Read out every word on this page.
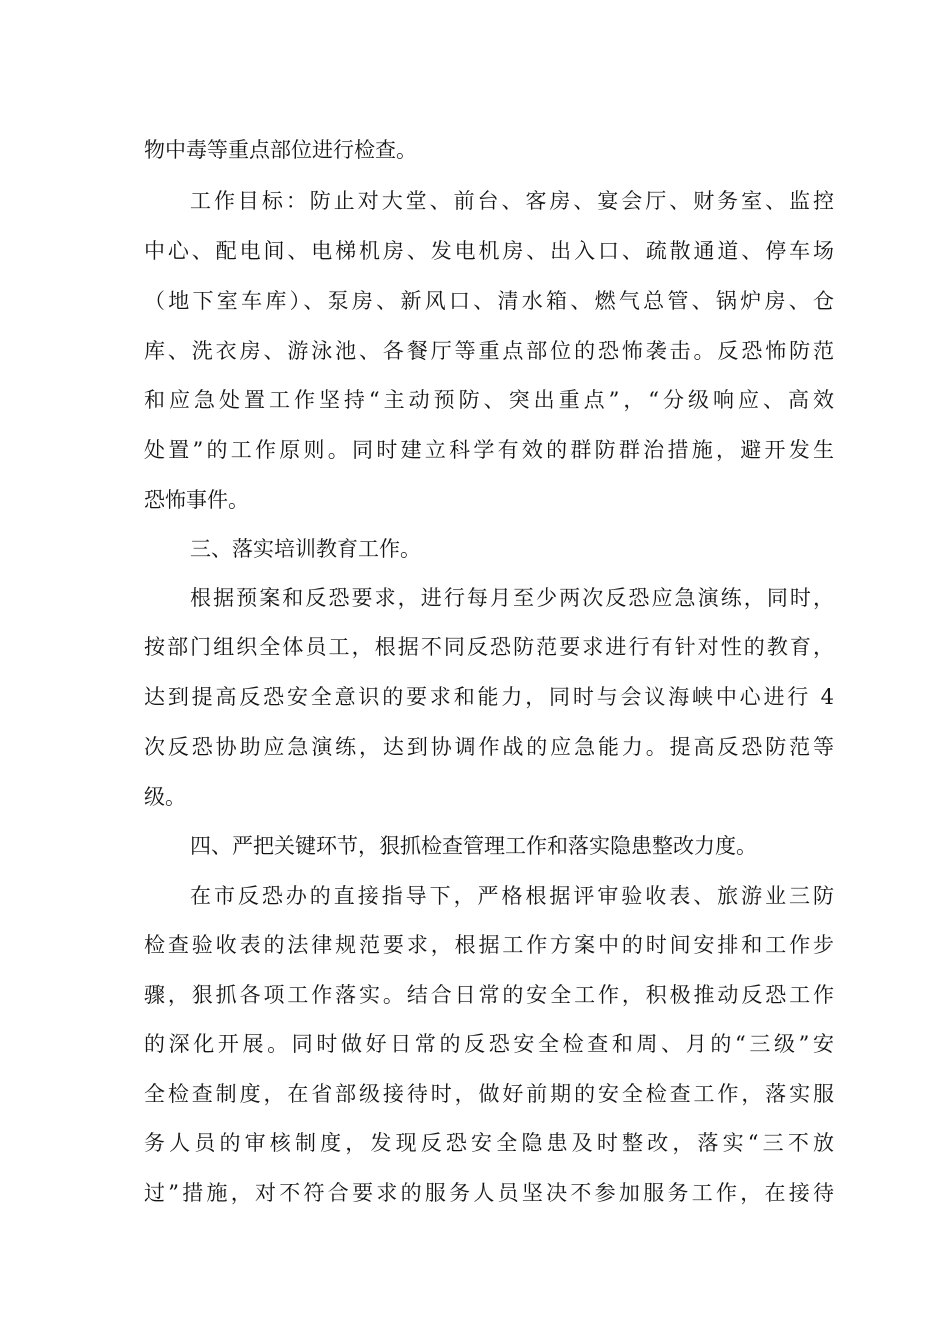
物中毒等重点部位进行检查。
工作目标：防止对大堂、前台、客房、宴会厅、财务室、监控
中心、配电间、电梯机房、发电机房、出入口、疏散通道、停车场
（地下室车库）、泵房、新风口、清水箱、燃气总管、锅炉房、仓
库、洗衣房、游泳池、各餐厅等重点部位的恐怖袭击。反恐怖防范
和应急处置工作坚持“主动预防、突出重点”，“分级响应、高效
处置”的工作原则。同时建立科学有效的群防群治措施，避开发生
恐怖事件。
三、落实培训教育工作。
根据预案和反恐要求，进行每月至少两次反恐应急演练，同时，
按部门组织全体员工，根据不同反恐防范要求进行有针对性的教育，
达到提高反恐安全意识的要求和能力，同时与会议海峡中心进行 4
次反恐协助应急演练，达到协调作战的应急能力。提高反恐防范等
级。
四、严把关键环节，狠抓检查管理工作和落实隐患整改力度。
在市反恐办的直接指导下，严格根据评审验收表、旅游业三防
检查验收表的法律规范要求，根据工作方案中的时间安排和工作步
骤，狠抓各项工作落实。结合日常的安全工作，积极推动反恐工作
的深化开展。同时做好日常的反恐安全检查和周、月的“三级”安
全检查制度，在省部级接待时，做好前期的安全检查工作，落实服
务人员的审核制度，发现反恐安全隐患及时整改，落实“三不放
过”措施，对不符合要求的服务人员坚决不参加服务工作，在接待
